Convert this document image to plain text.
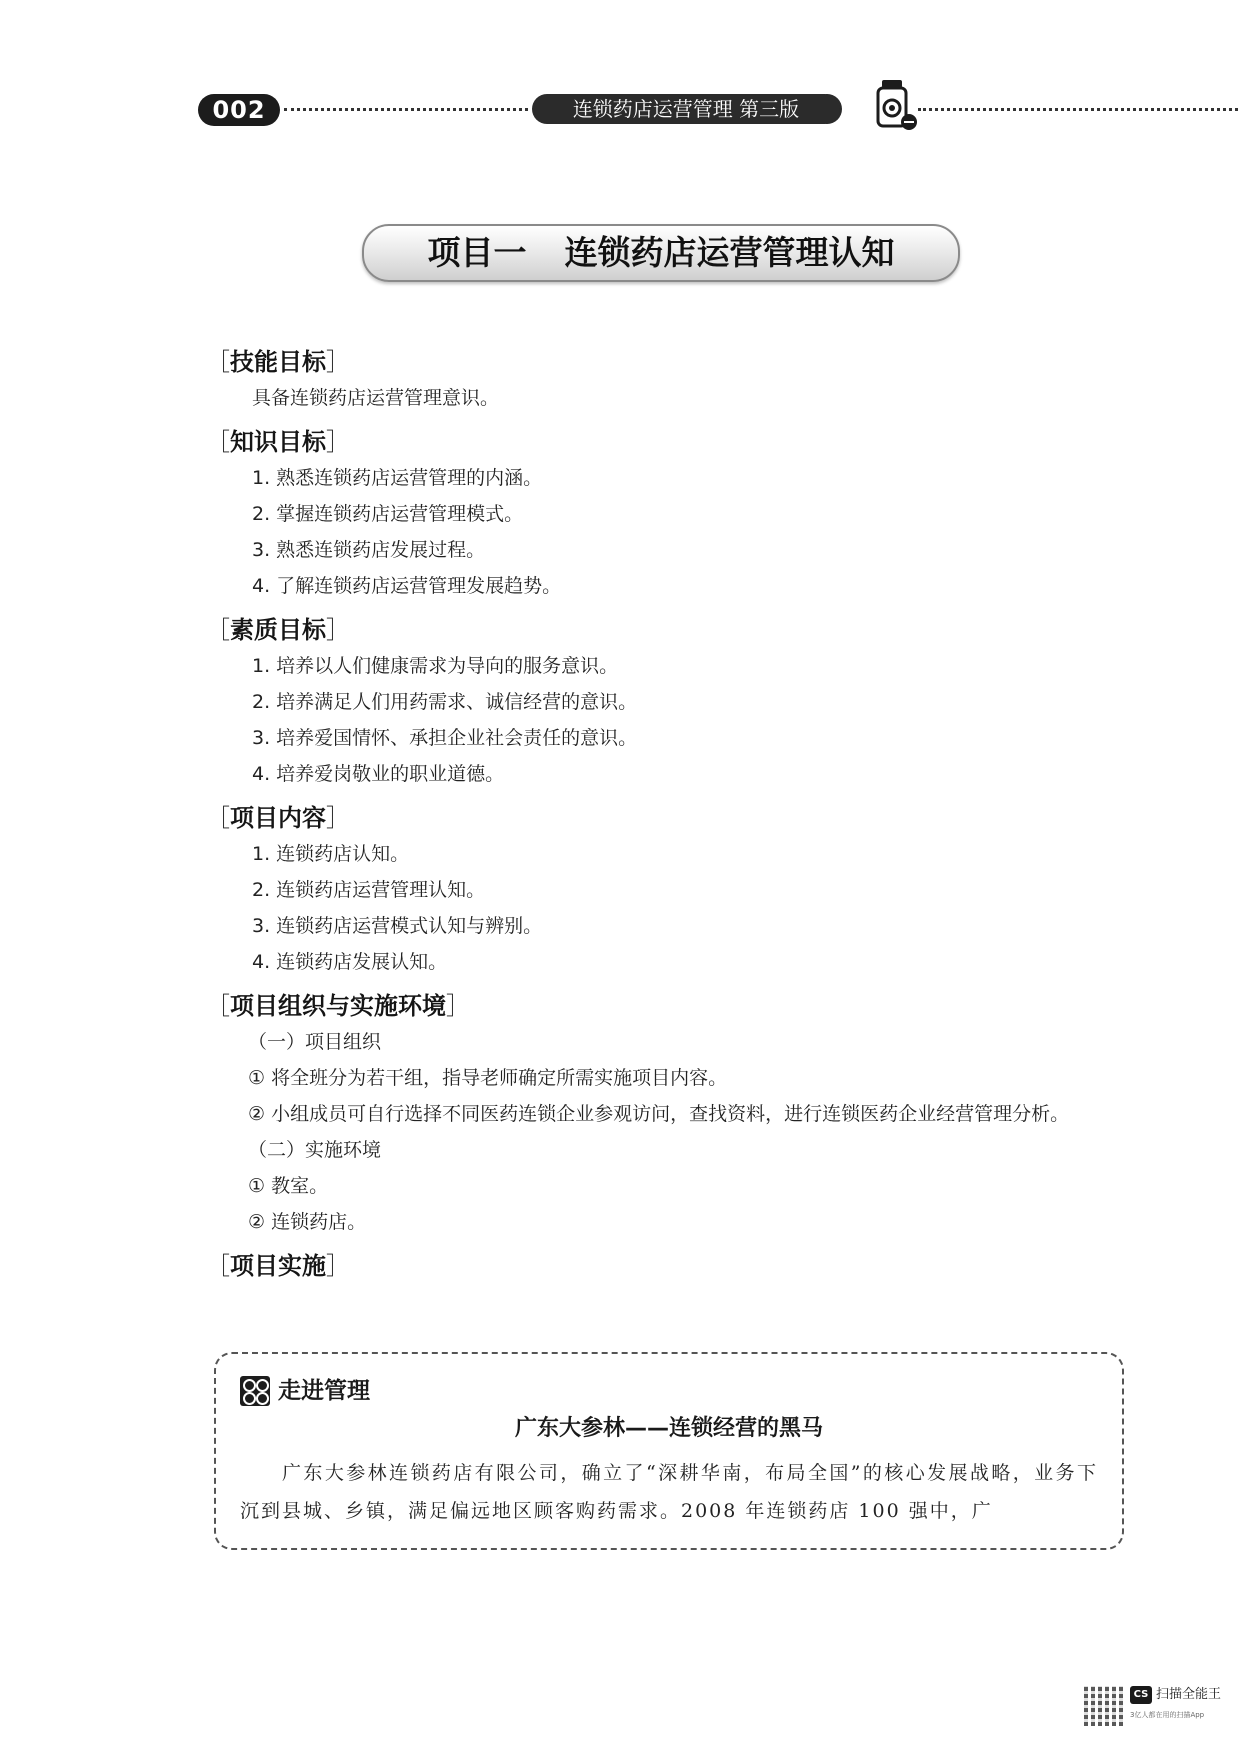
002	连锁药店运营管理 第三版
项目一 连锁药店运营管理认知
［技能目标］
具备连锁药店运营管理意识。
［知识目标］
1. 熟悉连锁药店运营管理的内涵。
2. 掌握连锁药店运营管理模式。
3. 熟悉连锁药店发展过程。
4. 了解连锁药店运营管理发展趋势。
［素质目标］
1. 培养以人们健康需求为导向的服务意识。
2. 培养满足人们用药需求、诚信经营的意识。
3. 培养爱国情怀、承担企业社会责任的意识。
4. 培养爱岗敬业的职业道德。
［项目内容］
1. 连锁药店认知。
2. 连锁药店运营管理认知。
3. 连锁药店运营模式认知与辨别。
4. 连锁药店发展认知。
［项目组织与实施环境］
（一）项目组织
① 将全班分为若干组，指导老师确定所需实施项目内容。
② 小组成员可自行选择不同医药连锁企业参观访问，查找资料，进行连锁医药企业经营管理分析。
（二）实施环境
① 教室。
② 连锁药店。
［项目实施］
走进管理
广东大参林——连锁经营的黑马
广东大参林连锁药店有限公司，确立了“深耕华南，布局全国”的核心发展战略，业务下沉到县城、乡镇，满足偏远地区顾客购药需求。2008 年连锁药店 100 强中，广
CS 扫描全能王
3亿人都在用的扫描App
